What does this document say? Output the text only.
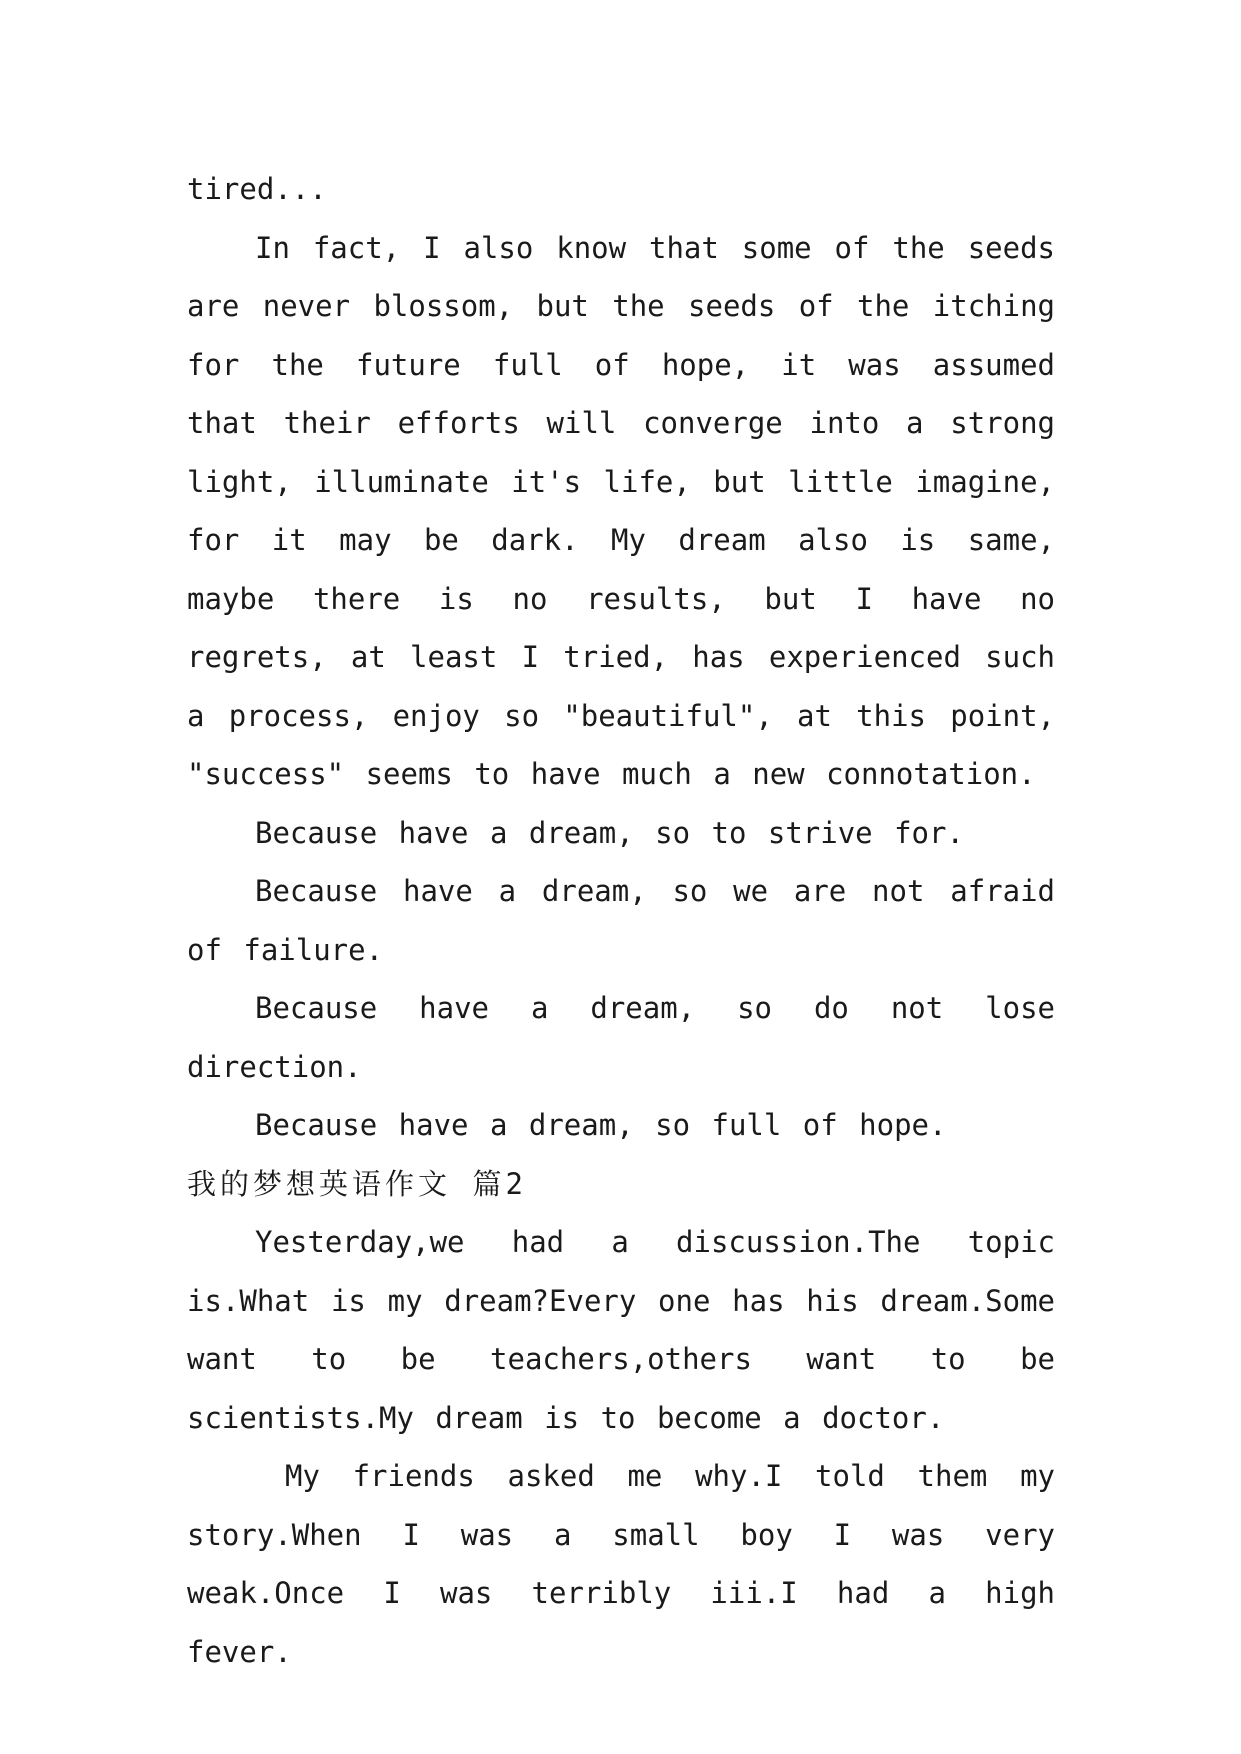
tired...

In fact, I also know that some of the seeds are never blossom, but the seeds of the itching for the future full of hope, it was assumed that their efforts will converge into a strong light, illuminate it's life, but little imagine, for it may be dark. My dream also is same, maybe there is no results, but I have no regrets, at least I tried, has experienced such a process, enjoy so "beautiful", at this point, "success" seems to have much a new connotation.

Because have a dream, so to strive for.

Because have a dream, so we are not afraid of failure.

Because have a dream, so do not lose direction.

Because have a dream, so full of hope.

我的梦想英语作文 篇2

Yesterday,we had a discussion.The topic is.What is my dream?Every one has his dream.Some want to be teachers,others want to be scientists.My dream is to become a doctor.

My friends asked me why.I told them my story.When I was a small boy I was very weak.Once I was terribly iii.I had a high fever.
